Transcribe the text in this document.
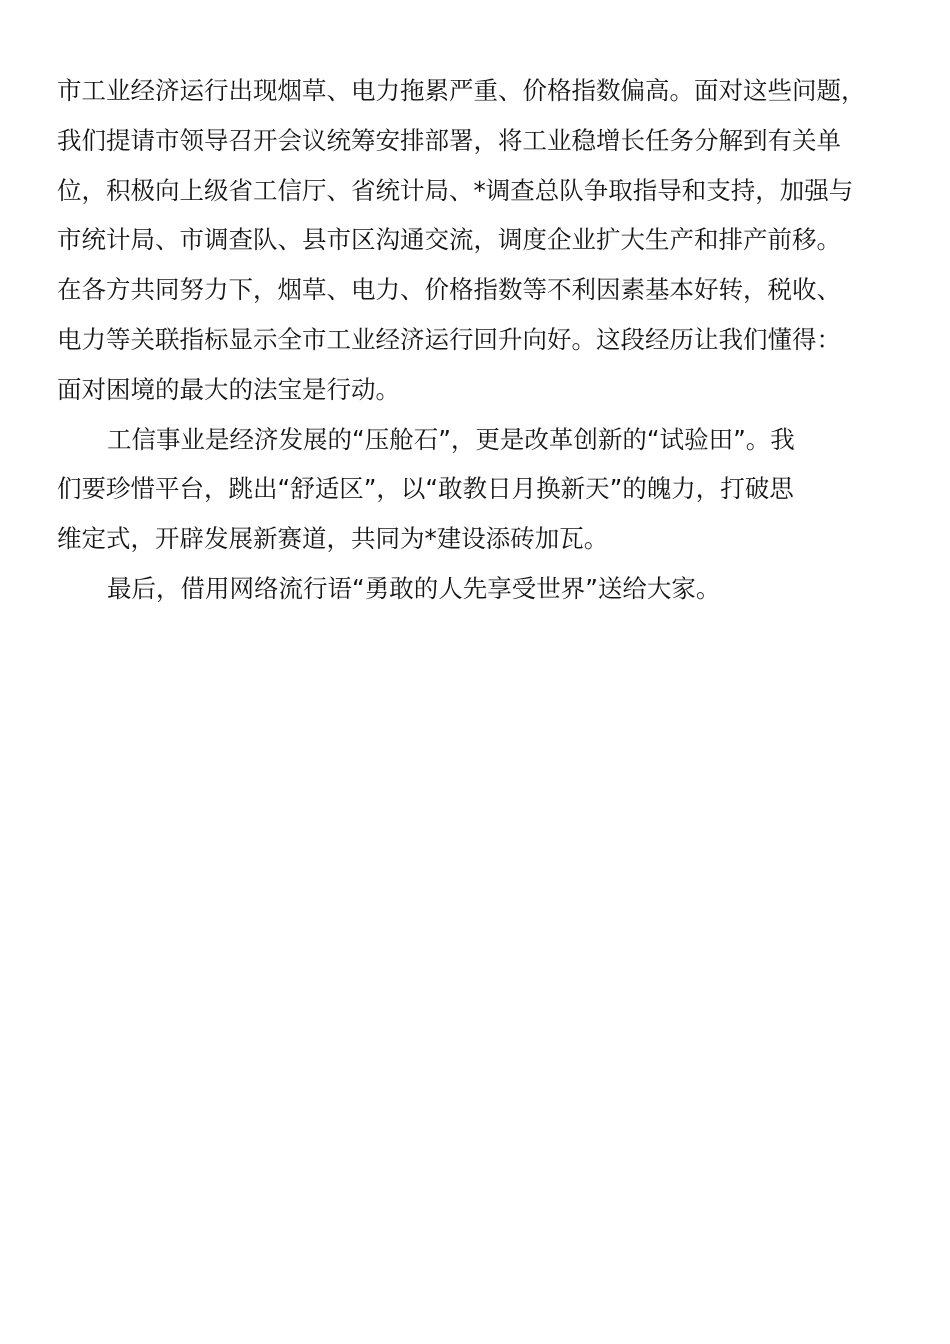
市工业经济运行出现烟草、电力拖累严重、价格指数偏高。面对这些问题，
我们提请市领导召开会议统筹安排部署，将工业稳增长任务分解到有关单
位，积极向上级省工信厅、省统计局、*调查总队争取指导和支持，加强与
市统计局、市调查队、县市区沟通交流，调度企业扩大生产和排产前移。
在各方共同努力下，烟草、电力、价格指数等不利因素基本好转，税收、
电力等关联指标显示全市工业经济运行回升向好。这段经历让我们懂得：
面对困境的最大的法宝是行动。
工信事业是经济发展的“压舱石”，更是改革创新的“试验田”。我
们要珍惜平台，跳出“舒适区”，以“敢教日月换新天”的魄力，打破思
维定式，开辟发展新赛道，共同为*建设添砖加瓦。
最后，借用网络流行语“勇敢的人先享受世界”送给大家。
